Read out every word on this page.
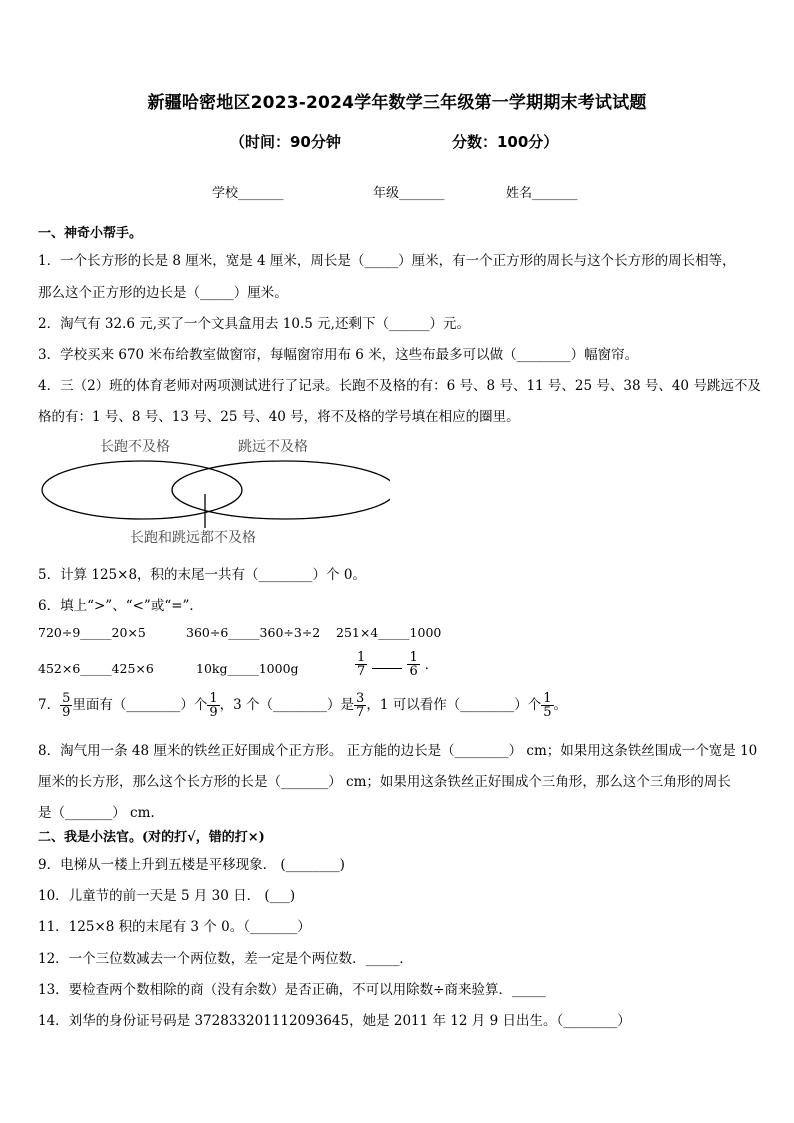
新疆哈密地区2023-2024学年数学三年级第一学期期末考试试题
（时间：90分钟	分数：100分）
学校_______	年级_______	姓名_______
一、神奇小帮手。
1．一个长方形的长是 8 厘米，宽是 4 厘米，周长是（_____）厘米，有一个正方形的周长与这个长方形的周长相等，
那么这个正方形的边长是（_____）厘米。
2．淘气有 32.6 元,买了一个文具盒用去 10.5 元,还剩下（______）元。
3．学校买来 670 米布给教室做窗帘，每幅窗帘用布 6 米，这些布最多可以做（________）幅窗帘。
4．三（2）班的体育老师对两项测试进行了记录。长跑不及格的有：6 号、8 号、11 号、25 号、38 号、40 号跳远不及
格的有：1 号、8 号、13 号、25 号、40 号，将不及格的学号填在相应的圈里。
长跑不及格	跳远不及格
长跑和跳远都不及格
5．计算 125×8，积的末尾一共有（________）个 0。
6．填上“>”、“<”或“=”．
720÷9_____20×5	360÷6_____360÷3÷2 251×4_____1000
452×6_____425×6	10kg_____1000g	$\frac{1}{7}$
	$\frac{1}{6}$ ．
7． $\frac{5}{9}$ 里面有（________）个 $\frac{1}{9}$ ，3 个（________）是 $\frac{3}{7}$ ，1 可以看作（________）个 $\frac{1}{5}$ 。
8．淘气用一条 48 厘米的铁丝正好围成个正方形。 正方能的边长是（________） cm；如果用这条铁丝围成一个宽是 10
厘米的长方形，那么这个长方形的长是（_______） cm；如果用这条铁丝正好围成个三角形，那么这个三角形的周长
是（_______） cm.
二、我是小法官。(对的打√，错的打×)
9．电梯从一楼上升到五楼是平移现象． (________)
10．儿童节的前一天是 5 月 30 日． (___)
11．125×8 积的末尾有 3 个 0。（_______）
12．一个三位数减去一个两位数，差一定是个两位数．_____．
13．要检查两个数相除的商（没有余数）是否正确，不可以用除数÷商来验算．_____
14．刘华的身份证号码是 372833201112093645，她是 2011 年 12 月 9 日出生。（________）
